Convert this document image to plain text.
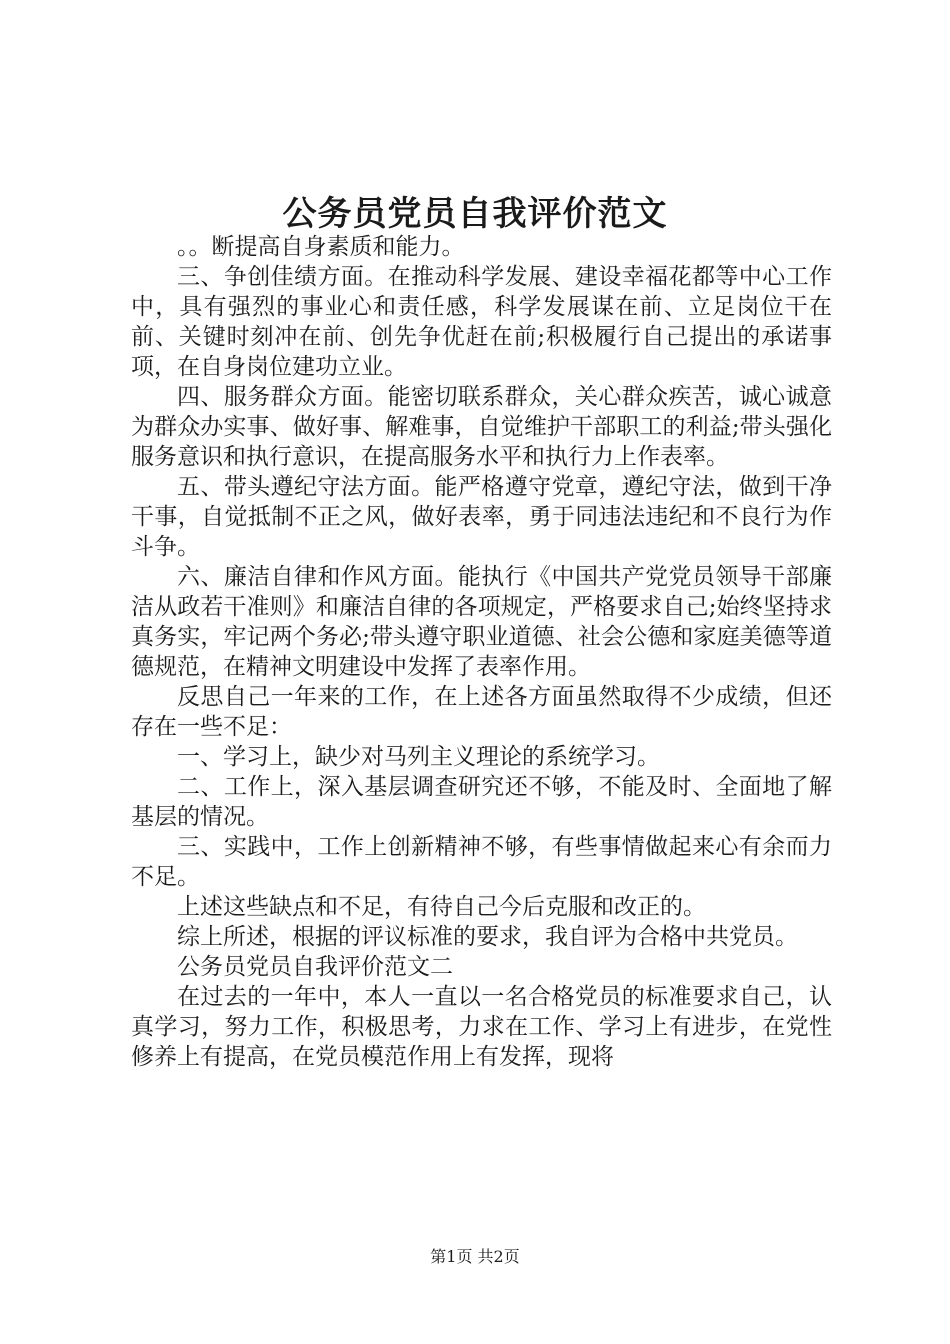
公务员党员自我评价范文

。。断提高自身素质和能力。

三、争创佳绩方面。在推动科学发展、建设幸福花都等中心工作中，具有强烈的事业心和责任感，科学发展谋在前、立足岗位干在前、关键时刻冲在前、创先争优赶在前;积极履行自己提出的承诺事项，在自身岗位建功立业。

四、服务群众方面。能密切联系群众，关心群众疾苦，诚心诚意为群众办实事、做好事、解难事，自觉维护干部职工的利益;带头强化服务意识和执行意识，在提高服务水平和执行力上作表率。

五、带头遵纪守法方面。能严格遵守党章，遵纪守法，做到干净干事，自觉抵制不正之风，做好表率，勇于同违法违纪和不良行为作斗争。

六、廉洁自律和作风方面。能执行《中国共产党党员领导干部廉洁从政若干准则》和廉洁自律的各项规定，严格要求自己;始终坚持求真务实，牢记两个务必;带头遵守职业道德、社会公德和家庭美德等道德规范，在精神文明建设中发挥了表率作用。

反思自己一年来的工作，在上述各方面虽然取得不少成绩，但还存在一些不足：

一、学习上，缺少对马列主义理论的系统学习。

二、工作上，深入基层调查研究还不够，不能及时、全面地了解基层的情况。

三、实践中，工作上创新精神不够，有些事情做起来心有余而力不足。

上述这些缺点和不足，有待自己今后克服和改正的。

综上所述，根据的评议标准的要求，我自评为合格中共党员。

公务员党员自我评价范文二

在过去的一年中，本人一直以一名合格党员的标准要求自己，认真学习，努力工作，积极思考，力求在工作、学习上有进步，在党性修养上有提高，在党员模范作用上有发挥，现将

第1页 共2页
